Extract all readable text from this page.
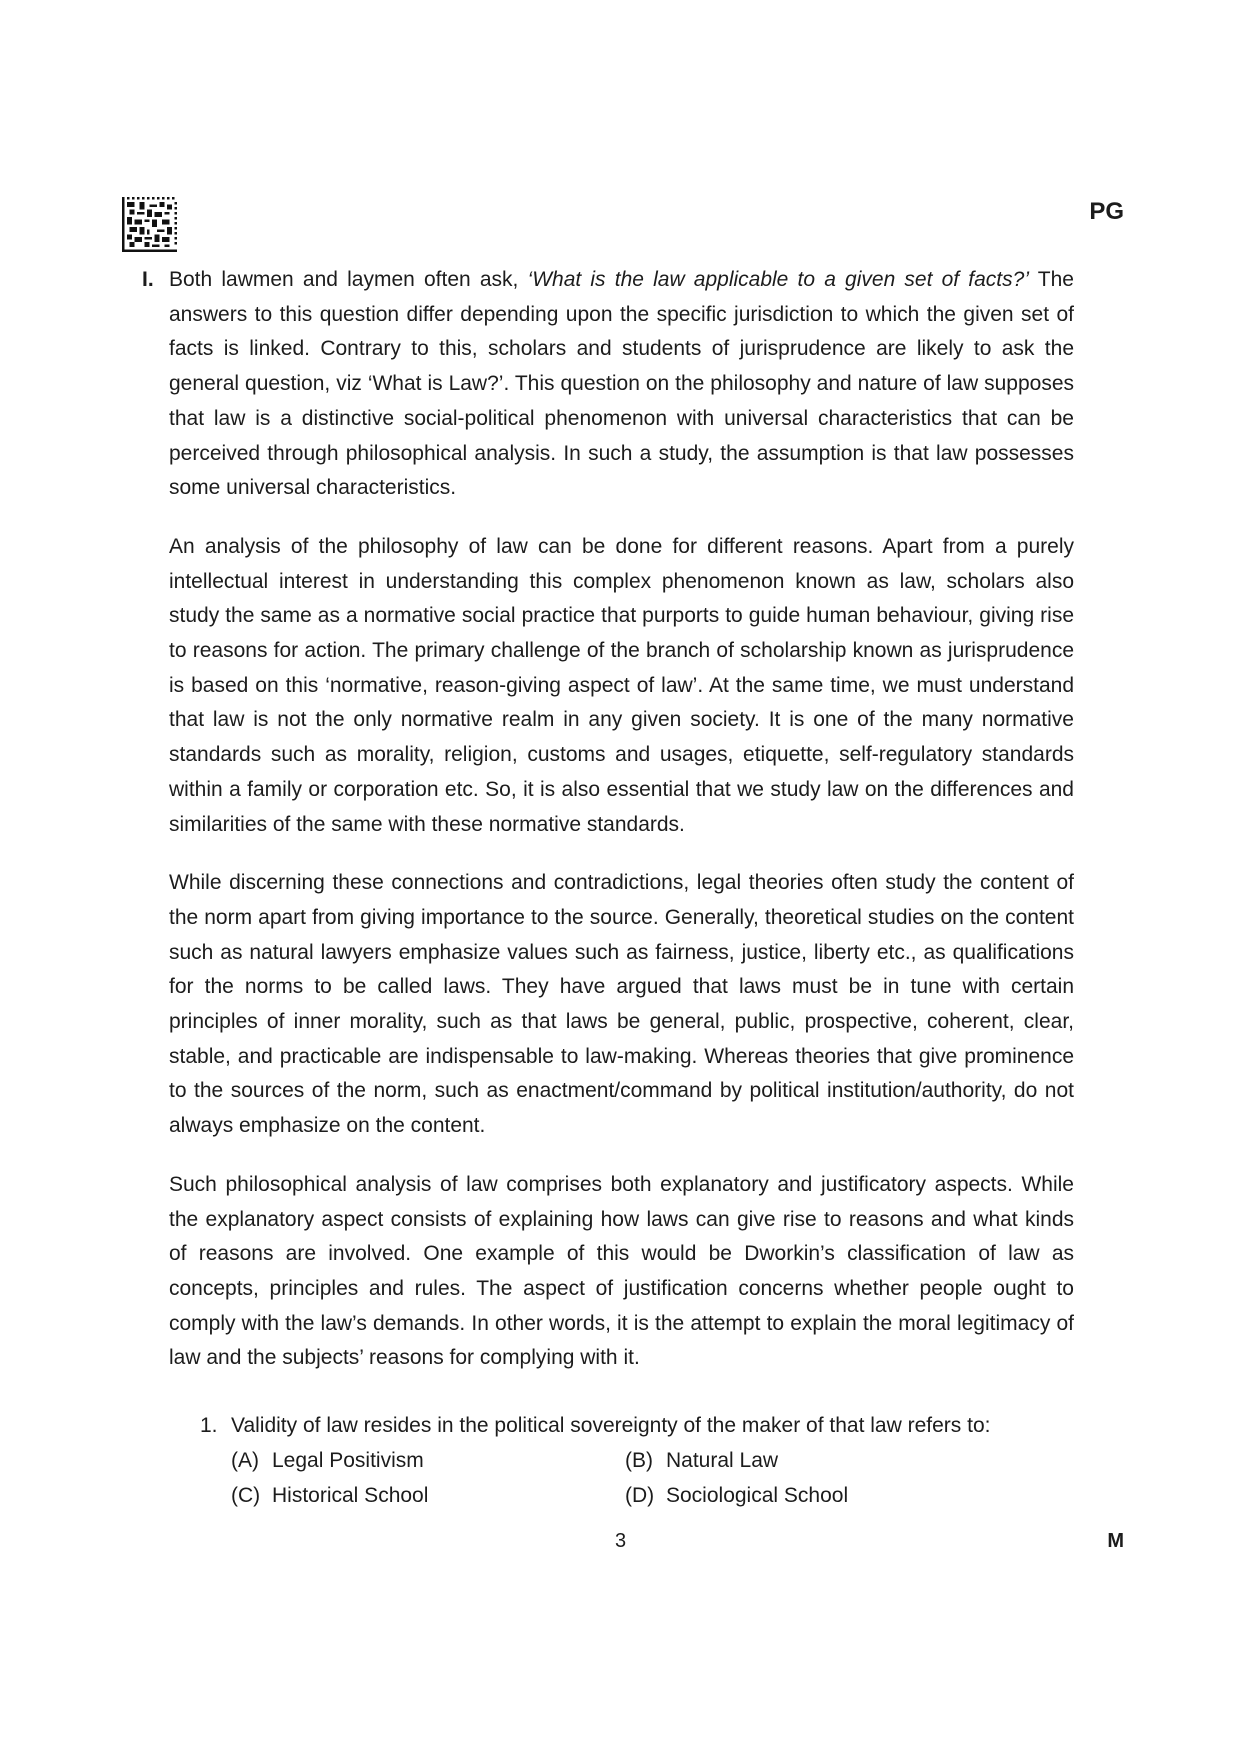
PG
I. Both lawmen and laymen often ask, ‘What is the law applicable to a given set of facts?’ The answers to this question differ depending upon the specific jurisdiction to which the given set of facts is linked. Contrary to this, scholars and students of jurisprudence are likely to ask the general question, viz ‘What is Law?’. This question on the philosophy and nature of law supposes that law is a distinctive social-political phenomenon with universal characteristics that can be perceived through philosophical analysis. In such a study, the assumption is that law possesses some universal characteristics.

An analysis of the philosophy of law can be done for different reasons. Apart from a purely intellectual interest in understanding this complex phenomenon known as law, scholars also study the same as a normative social practice that purports to guide human behaviour, giving rise to reasons for action. The primary challenge of the branch of scholarship known as jurisprudence is based on this ‘normative, reason-giving aspect of law’. At the same time, we must understand that law is not the only normative realm in any given society. It is one of the many normative standards such as morality, religion, customs and usages, etiquette, self-regulatory standards within a family or corporation etc. So, it is also essential that we study law on the differences and similarities of the same with these normative standards.

While discerning these connections and contradictions, legal theories often study the content of the norm apart from giving importance to the source. Generally, theoretical studies on the content such as natural lawyers emphasize values such as fairness, justice, liberty etc., as qualifications for the norms to be called laws. They have argued that laws must be in tune with certain principles of inner morality, such as that laws be general, public, prospective, coherent, clear, stable, and practicable are indispensable to law-making. Whereas theories that give prominence to the sources of the norm, such as enactment/command by political institution/authority, do not always emphasize on the content.

Such philosophical analysis of law comprises both explanatory and justificatory aspects. While the explanatory aspect consists of explaining how laws can give rise to reasons and what kinds of reasons are involved. One example of this would be Dworkin’s classification of law as concepts, principles and rules. The aspect of justification concerns whether people ought to comply with the law’s demands. In other words, it is the attempt to explain the moral legitimacy of law and the subjects’ reasons for complying with it.

1. Validity of law resides in the political sovereignty of the maker of that law refers to:
(A) Legal Positivism	(B) Natural Law
(C) Historical School	(D) Sociological School
3	M
